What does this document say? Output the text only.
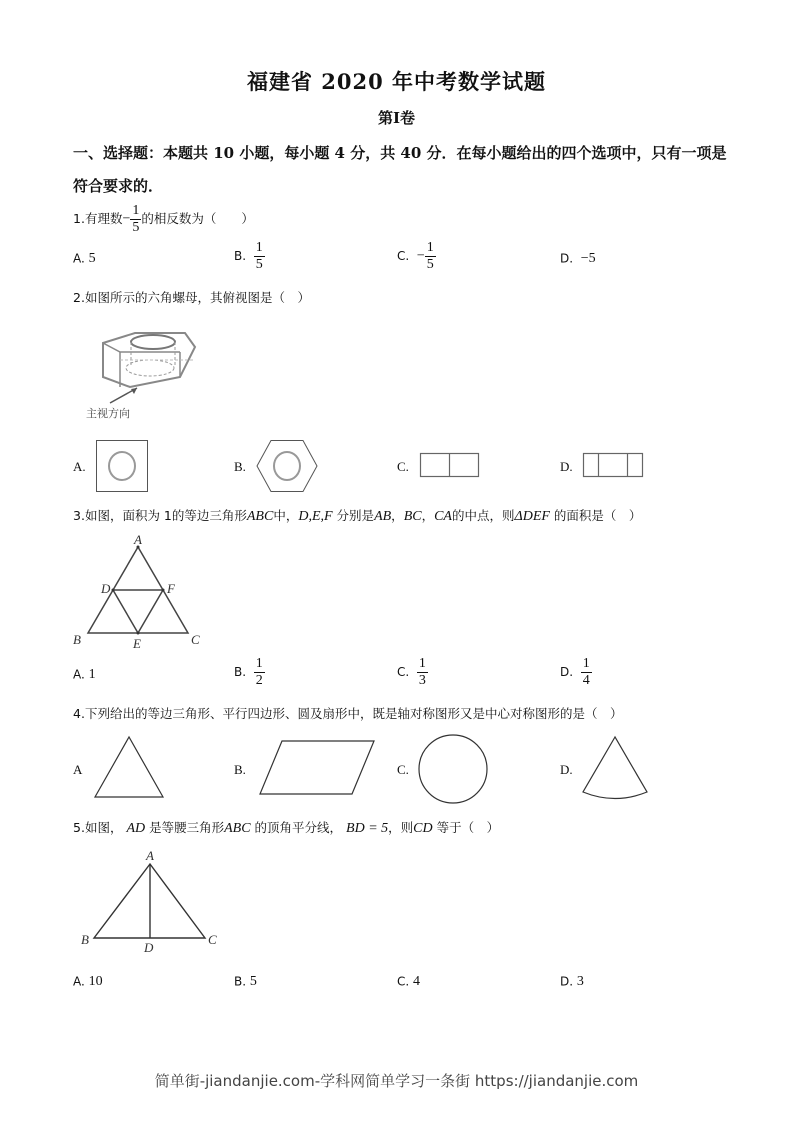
福建省 2020 年中考数学试题
第Ⅰ卷
一、选择题：本题共 10 小题，每小题 4 分，共 40 分．在每小题给出的四个选项中，只有一项是符合要求的．
1.有理数− $\frac{1}{5}$ 的相反数为（　　）
A. 5	B. $\frac{1}{5}$	C. − $\frac{1}{5}$	D. −5
2.如图所示的六角螺母，其俯视图是（　）
主视方向
A.	B.	C.	D.
3.如图，面积为 1的等边三角形ABC中，D,E,F 分别是AB，BC，CA的中点，则ΔDEF 的面积是（　）
A
D	F
B	E	C
A. 1	B. $\frac{1}{2}$	C. $\frac{1}{3}$	D. $\frac{1}{4}$
4.下列给出的等边三角形、平行四边形、圆及扇形中，既是轴对称图形又是中心对称图形的是（　）
A	B.	C.	D.
5.如图， AD 是等腰三角形ABC 的顶角平分线， BD = 5，则CD 等于（　）
A
B
D
C
A. 10	B. 5	C. 4	D. 3
简单街-jiandanjie.com-学科网简单学习一条街 https://jiandanjie.com
